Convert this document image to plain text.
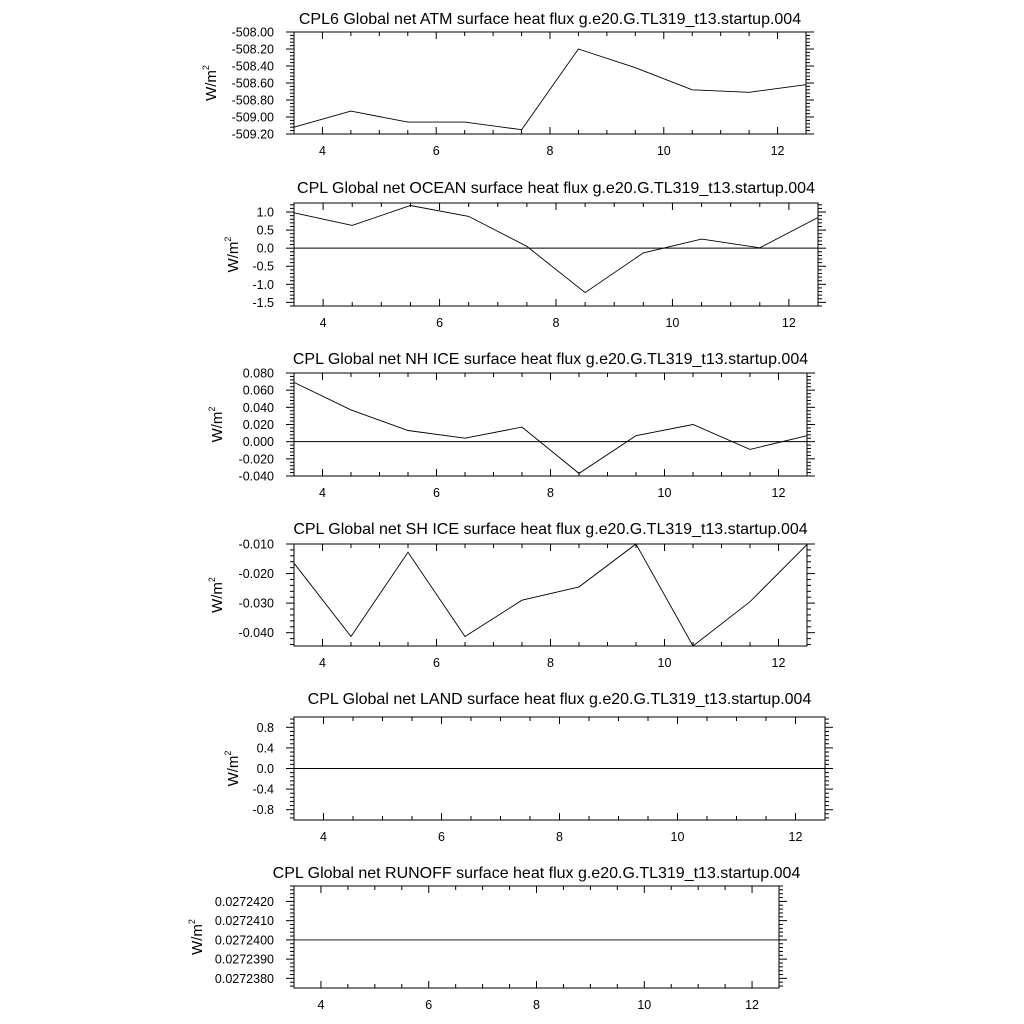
CPL6 Global net ATM surface heat flux g.e20.G.TL319_t13.startup.004
4	6	8	10	12
-509.20
-509.00
-508.80
-508.60
-508.40
-508.20
-508.00
$W/m^2$
CPL Global net OCEAN surface heat flux g.e20.G.TL319_t13.startup.004
4	6	8	10	12
-1.5
-1.0
-0.5
0.0
0.5
1.0
$W/m^2$
CPL Global net NH ICE surface heat flux g.e20.G.TL319_t13.startup.004
4	6	8	10	12
-0.040
-0.020
0.000
0.020
0.040
0.060
0.080
$W/m^2$
CPL Global net SH ICE surface heat flux g.e20.G.TL319_t13.startup.004
4	6	8	10	12
-0.040
-0.030
-0.020
-0.010
$W/m^2$
CPL Global net LAND surface heat flux g.e20.G.TL319_t13.startup.004
4	6	8	10	12
-0.8
-0.4
0.0
0.4
0.8
$W/m^2$
CPL Global net RUNOFF surface heat flux g.e20.G.TL319_t13.startup.004
4	6	8	10	12
0.0272380
0.0272390
0.0272400
0.0272410
0.0272420
$W/m^2$
